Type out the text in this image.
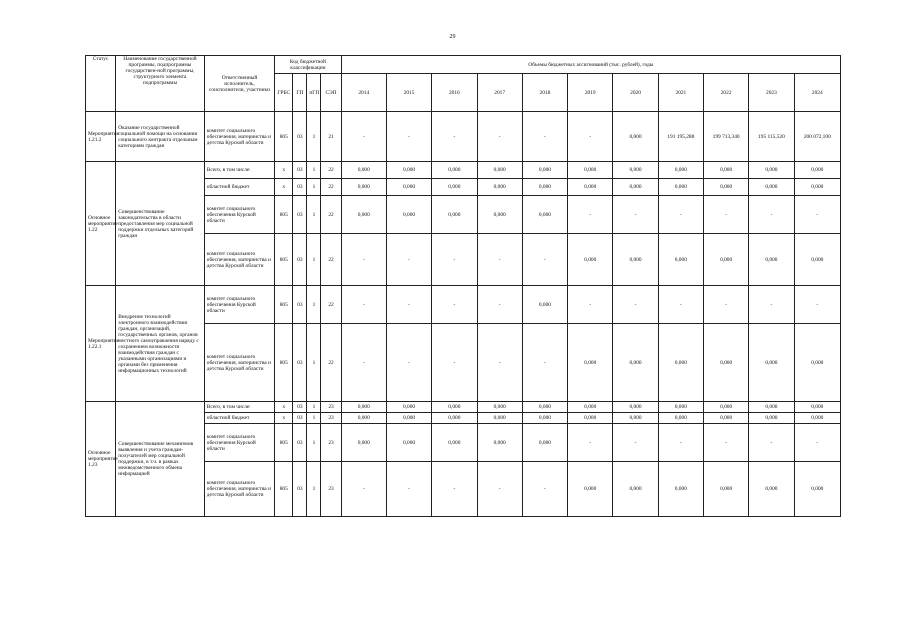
29
Статус	Наименование государственной программы, подпрограммы государствен-ной программы, структурного элемента подпрограммы	Ответственный исполнитель, соисполнители, участники	Код бюджетной классификации				Объемы бюджетных ассигнований (тыс. рублей), годы										
			ГРБС	ГП	пГП	СЭП	2014	2015	2016	2017	2018	2019	2020	2021	2022	2023	2024
Мероприятие 1.21.2	Оказание государственной социальной помощи на основании социального контракта отдельным категориям граждан	комитет социального обеспечения, материнства и детства Курской области	805	03	1	21	-	-	-	-	-	-	0,000	191 195,288	199 713,340	195 115,520	200 072,100
Основное мероприятие 1.22	Совершенствование законодательства в области предоставления мер социальной поддержки отдельных категорий граждан	Всего, в том числе:	х	03	1	22	0,000	0,000	0,000	0,000	0,000	0,000	0,000	0,000	0,000	0,000	0,000
		областной бюджет	х	03	1	22	0,000	0,000	0,000	0,000	0,000	0,000	0,000	0,000	0,000	0,000	0,000
		комитет социального обеспечения Курской области	805	03	1	22	0,000	0,000	0,000	0,000	0,000	-	-	-	-	-	-
		комитет социального обеспечения, материнства и детства Курской области	805	03	1	22	-	-	-	-	-	0,000	0,000	0,000	0,000	0,000	0,000
Мероприятие 1.22.1	Внедрение технологий электронного взаимодействия граждан, организаций, государственных органов, органов местного самоуправления наряду с сохранением возможности взаимодействия граждан с указанными организациями и органами без применения информационных технологий	комитет социального обеспечения Курской области	805	03	1	22	-	-	-	-	0,000	-	-	-	-	-	-
		комитет социального обеспечения, материнства и детства Курской области	805	03	1	22	-	-	-	-	-	0,000	0,000	0,000	0,000	0,000	0,000
Основное мероприятие 1.23	Совершенствование механизмов выявления и учета граждан-получателей мер социальной поддержки, в т.ч. в рамках межведомственного обмена информацией	Всего, в том числе:	х	03	1	23	0,000	0,000	0,000	0,000	0,000	0,000	0,000	0,000	0,000	0,000	0,000
		областной бюджет	х	03	1	23	0,000	0,000	0,000	0,000	0,000	0,000	0,000	0,000	0,000	0,000	0,000
		комитет социального обеспечения Курской области	805	03	1	23	0,000	0,000	0,000	0,000	0,000	-	-	-	-	-	-
		комитет социального обеспечения, материнства и детства Курской области	805	03	1	23	-	-	-	-	-	0,000	0,000	0,000	0,000	0,000	0,000
